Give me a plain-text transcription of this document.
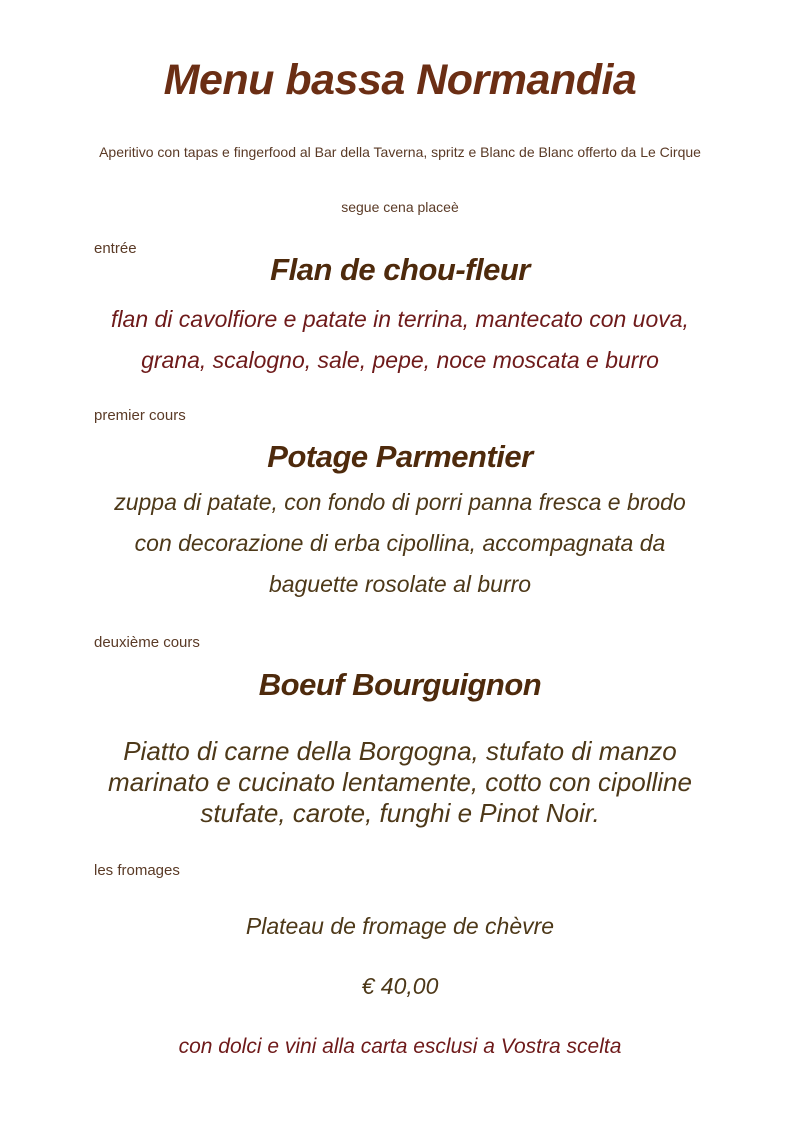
Menu bassa Normandia
Aperitivo con tapas e fingerfood al Bar della Taverna, spritz e Blanc de Blanc offerto da Le Cirque
segue cena placeè
entrée
Flan de chou-fleur
flan di cavolfiore e patate in terrina, mantecato con uova,
grana, scalogno, sale, pepe, noce moscata e burro
premier cours
Potage Parmentier
zuppa di patate, con fondo di porri panna fresca e brodo
con decorazione di erba cipollina, accompagnata da
baguette rosolate al burro
deuxième cours
Boeuf Bourguignon
Piatto di carne della Borgogna, stufato di manzo
marinato e cucinato lentamente, cotto con cipolline
stufate, carote, funghi e Pinot Noir.
les fromages
Plateau de fromage de chèvre
€ 40,00
con dolci e vini alla carta esclusi a Vostra scelta
